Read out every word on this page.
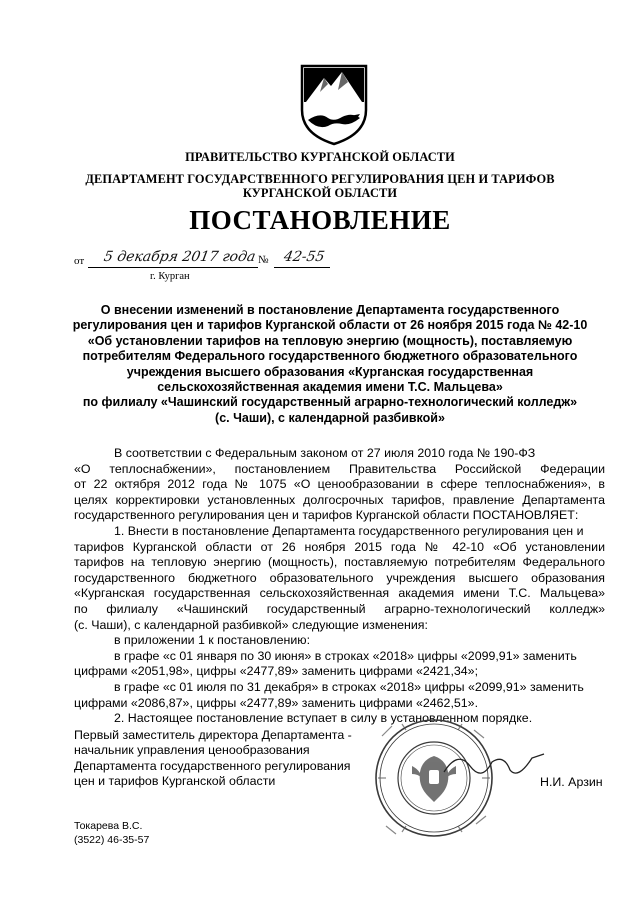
ПРАВИТЕЛЬСТВО КУРГАНСКОЙ ОБЛАСТИ
ДЕПАРТАМЕНТ ГОСУДАРСТВЕННОГО РЕГУЛИРОВАНИЯ ЦЕН И ТАРИФОВ
КУРГАНСКОЙ ОБЛАСТИ
ПОСТАНОВЛЕНИЕ
от 5 декабря 2017 года № 42-55
г. Курган
О внесении изменений в постановление Департамента государственного
регулирования цен и тарифов Курганской области от 26 ноября 2015 года № 42-10
«Об установлении тарифов на тепловую энергию (мощность), поставляемую
потребителям Федерального государственного бюджетного образовательного
учреждения высшего образования «Курганская государственная
сельскохозяйственная академия имени Т.С. Мальцева»
по филиалу «Чашинский государственный аграрно-технологический колледж»
(с. Чаши), с календарной разбивкой»
В соответствии с Федеральным законом от 27 июля 2010 года № 190-ФЗ
«О теплоснабжении», постановлением Правительства Российской Федерации
от 22 октября 2012 года № 1075 «О ценообразовании в сфере теплоснабжения», в
целях корректировки установленных долгосрочных тарифов, правление Департамента
государственного регулирования цен и тарифов Курганской области ПОСТАНОВЛЯЕТ:
1. Внести в постановление Департамента государственного регулирования цен и
тарифов Курганской области от 26 ноября 2015 года № 42-10 «Об установлении
тарифов на тепловую энергию (мощность), поставляемую потребителям Федерального
государственного бюджетного образовательного учреждения высшего образования
«Курганская государственная сельскохозяйственная академия имени Т.С. Мальцева»
по филиалу «Чашинский государственный аграрно-технологический колледж»
(с. Чаши), с календарной разбивкой» следующие изменения:
в приложении 1 к постановлению:
в графе «с 01 января по 30 июня» в строках «2018» цифры «2099,91» заменить
цифрами «2051,98», цифры «2477,89» заменить цифрами «2421,34»;
в графе «с 01 июля по 31 декабря» в строках «2018» цифры «2099,91» заменить
цифрами «2086,87», цифры «2477,89» заменить цифрами «2462,51».
2. Настоящее постановление вступает в силу в установленном порядке.
Первый заместитель директора Департамента -
начальник управления ценообразования
Департамента государственного регулирования
цен и тарифов Курганской области	Н.И. Арзин
Токарева В.С.
(3522) 46-35-57
